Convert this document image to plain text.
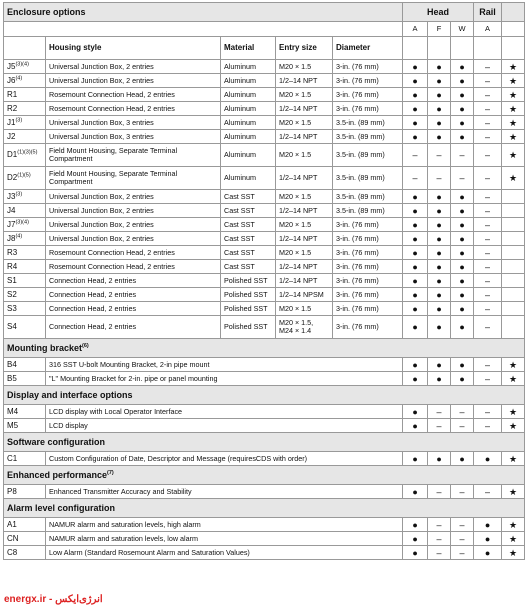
Enclosure options					Head			Rail	
					A	F	W	A	
	Housing style	Material	Entry size	Diameter					
$J5^{(3)(4)}$	Universal Junction Box, 2 entries	Aluminum	M20 × 1.5	3-in. (76 mm)	●	●	●	–	★
J6$^{(4)}$	Universal Junction Box, 2 entries	Aluminum	1/2–14 NPT	3-in. (76 mm)	●	●	●	–	★
R1	Rosemount Connection Head, 2 entries	Aluminum	M20 × 1.5	3-in. (76 mm)	●	●	●	–	★
R2	Rosemount Connection Head, 2 entries	Aluminum	1/2–14 NPT	3-in. (76 mm)	●	●	●	–	★
J1$^{(3)}$	Universal Junction Box, 3 entries	Aluminum	M20 × 1.5	3.5-in. (89 mm)	●	●	●	–	★
J2	Universal Junction Box, 3 entries	Aluminum	1/2–14 NPT	3.5-in. (89 mm)	●	●	●	–	★
$D1^{(1)(3)(5)}$	Field Mount Housing, Separate Terminal Compartment	Aluminum	M20 × 1.5	3.5-in. (89 mm)	–	–	–	–	★
$D2^{(1)(5)}$	Field Mount Housing, Separate Terminal Compartment	Aluminum	1/2–14 NPT	3.5-in. (89 mm)	–	–	–	–	★
J3$^{(3)}$	Universal Junction Box, 2 entries	Cast SST	M20 × 1.5	3.5-in. (89 mm)	●	●	●	–	
J4	Universal Junction Box, 2 entries	Cast SST	1/2–14 NPT	3.5-in. (89 mm)	●	●	●	–	
$J7^{(3)(4)}$	Universal Junction Box, 2 entries	Cast SST	M20 × 1.5	3-in. (76 mm)	●	●	●	–	
J8$^{(4)}$	Universal Junction Box, 2 entries	Cast SST	1/2–14 NPT	3-in. (76 mm)	●	●	●	–	
R3	Rosemount Connection Head, 2 entries	Cast SST	M20 × 1.5	3-in. (76 mm)	●	●	●	–	
R4	Rosemount Connection Head, 2 entries	Cast SST	1/2–14 NPT	3-in. (76 mm)	●	●	●	–	
S1	Connection Head, 2 entries	Polished SST	1/2–14 NPT	3-in. (76 mm)	●	●	●	–	
S2	Connection Head, 2 entries	Polished SST	1/2–14 NPSM	3-in. (76 mm)	●	●	●	–	
S3	Connection Head, 2 entries	Polished SST	M20 × 1.5	3-in. (76 mm)	●	●	●	–	
S4	Connection Head, 2 entries	Polished SST	M20 × 1.5, M24 × 1.4	3-in. (76 mm)	●	●	●	–	
Mounting bracket$^{(6)}$
B4	316 SST U-bolt Mounting Bracket, 2-in pipe mount				●	●	●	–	★
B5	"L" Mounting Bracket for 2-in. pipe or panel mounting				●	●	●	–	★
Display and interface options									
M4	LCD display with Local Operator Interface				●	–	–	–	★
M5	LCD display				●	–	–	–	★
Software configuration									
C1	Custom Configuration of Date, Descriptor and Message (requiresCDS with order)				●	●	●	●	★
Enhanced performance$^{(7)}$
P8	Enhanced Transmitter Accuracy and Stability				●	–	–	–	★
Alarm level configuration									
A1	NAMUR alarm and saturation levels, high alarm				●	–	–	●	★
CN	NAMUR alarm and saturation levels, low alarm				●	–	–	●	★
C8	Low Alarm (Standard Rosemount Alarm and Saturation Values)				●	–	–	●	★
energx.ir - انرژی‌ایکس
